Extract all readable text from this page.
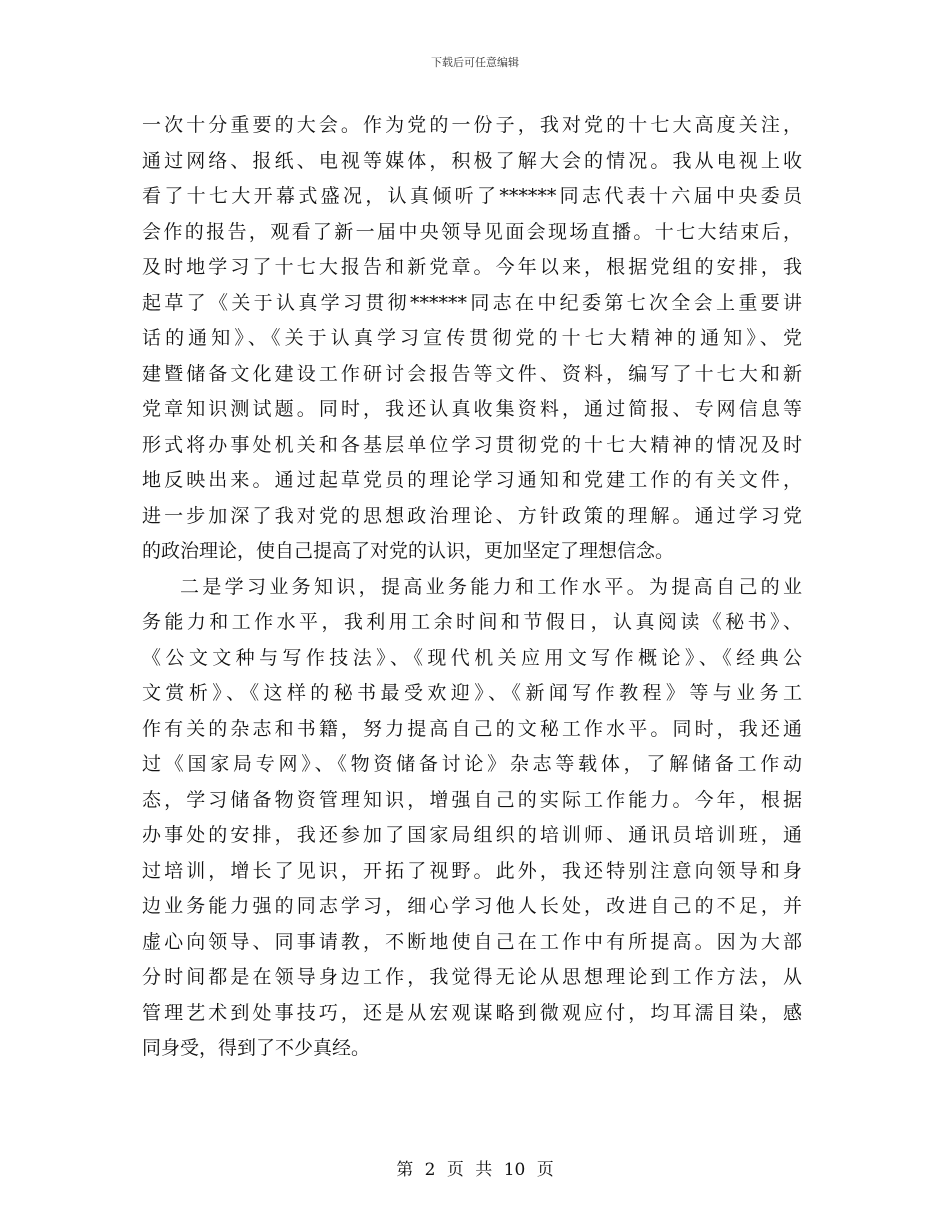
下载后可任意编辑
一次十分重要的大会。作为党的一份子，我对党的十七大高度关注，
通过网络、报纸、电视等媒体，积极了解大会的情况。我从电视上收
看了十七大开幕式盛况，认真倾听了******同志代表十六届中央委员
会作的报告，观看了新一届中央领导见面会现场直播。十七大结束后，
及时地学习了十七大报告和新党章。今年以来，根据党组的安排，我
起草了《关于认真学习贯彻******同志在中纪委第七次全会上重要讲
话的通知》、《关于认真学习宣传贯彻党的十七大精神的通知》、党
建暨储备文化建设工作研讨会报告等文件、资料，编写了十七大和新
党章知识测试题。同时，我还认真收集资料，通过简报、专网信息等
形式将办事处机关和各基层单位学习贯彻党的十七大精神的情况及时
地反映出来。通过起草党员的理论学习通知和党建工作的有关文件，
进一步加深了我对党的思想政治理论、方针政策的理解。通过学习党
的政治理论，使自己提高了对党的认识，更加坚定了理想信念。
二是学习业务知识，提高业务能力和工作水平。为提高自己的业
务能力和工作水平，我利用工余时间和节假日，认真阅读《秘书》、
《公文文种与写作技法》、《现代机关应用文写作概论》、《经典公
文赏析》、《这样的秘书最受欢迎》、《新闻写作教程》等与业务工
作有关的杂志和书籍，努力提高自己的文秘工作水平。同时，我还通
过《国家局专网》、《物资储备讨论》杂志等载体，了解储备工作动
态，学习储备物资管理知识，增强自己的实际工作能力。今年，根据
办事处的安排，我还参加了国家局组织的培训师、通讯员培训班，通
过培训，增长了见识，开拓了视野。此外，我还特别注意向领导和身
边业务能力强的同志学习，细心学习他人长处，改进自己的不足，并
虚心向领导、同事请教，不断地使自己在工作中有所提高。因为大部
分时间都是在领导身边工作，我觉得无论从思想理论到工作方法，从
管理艺术到处事技巧，还是从宏观谋略到微观应付，均耳濡目染，感
同身受，得到了不少真经。
第 2 页 共 10 页
